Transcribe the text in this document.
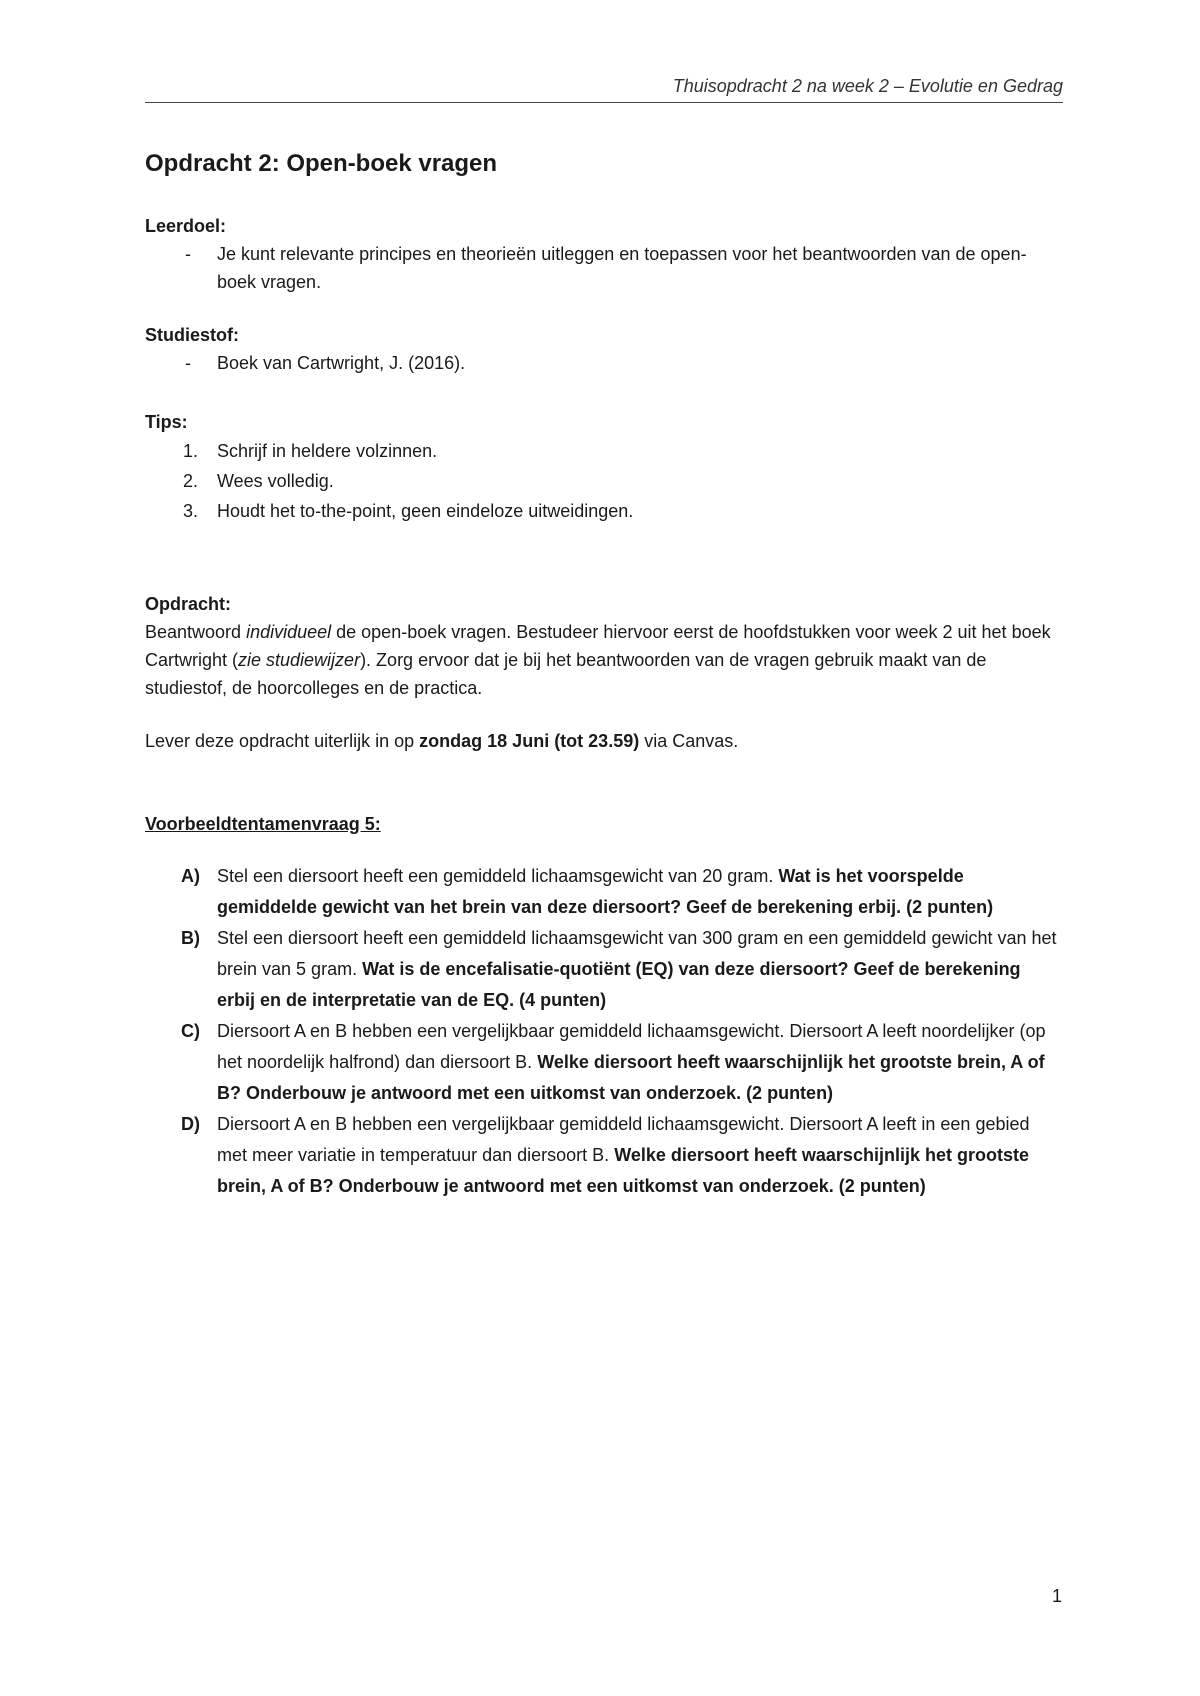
Thuisopdracht 2 na week 2 – Evolutie en Gedrag
Opdracht 2: Open-boek vragen
Leerdoel:
-	Je kunt relevante principes en theorieën uitleggen en toepassen voor het beantwoorden van de open-boek vragen.
Studiestof:
-	Boek van Cartwright, J. (2016).
Tips:
1.	Schrijf in heldere volzinnen.
2.	Wees volledig.
3.	Houdt het to-the-point, geen eindeloze uitweidingen.
Opdracht:

Beantwoord individueel de open-boek vragen. Bestudeer hiervoor eerst de hoofdstukken voor week 2 uit het boek Cartwright (zie studiewijzer). Zorg ervoor dat je bij het beantwoorden van de vragen gebruik maakt van de studiestof, de hoorcolleges en de practica.

Lever deze opdracht uiterlijk in op zondag 18 Juni (tot 23.59) via Canvas.

Voorbeeldtentamenvraag 5:
A) Stel een diersoort heeft een gemiddeld lichaamsgewicht van 20 gram. Wat is het voorspelde gemiddelde gewicht van het brein van deze diersoort? Geef de berekening erbij. (2 punten)
B) Stel een diersoort heeft een gemiddeld lichaamsgewicht van 300 gram en een gemiddeld gewicht van het brein van 5 gram. Wat is de encefalisatie-quotiënt (EQ) van deze diersoort? Geef de berekening erbij en de interpretatie van de EQ. (4 punten)
C) Diersoort A en B hebben een vergelijkbaar gemiddeld lichaamsgewicht. Diersoort A leeft noordelijker (op het noordelijk halfrond) dan diersoort B. Welke diersoort heeft waarschijnlijk het grootste brein, A of B? Onderbouw je antwoord met een uitkomst van onderzoek. (2 punten)
D) Diersoort A en B hebben een vergelijkbaar gemiddeld lichaamsgewicht. Diersoort A leeft in een gebied met meer variatie in temperatuur dan diersoort B. Welke diersoort heeft waarschijnlijk het grootste brein, A of B? Onderbouw je antwoord met een uitkomst van onderzoek. (2 punten)
1
